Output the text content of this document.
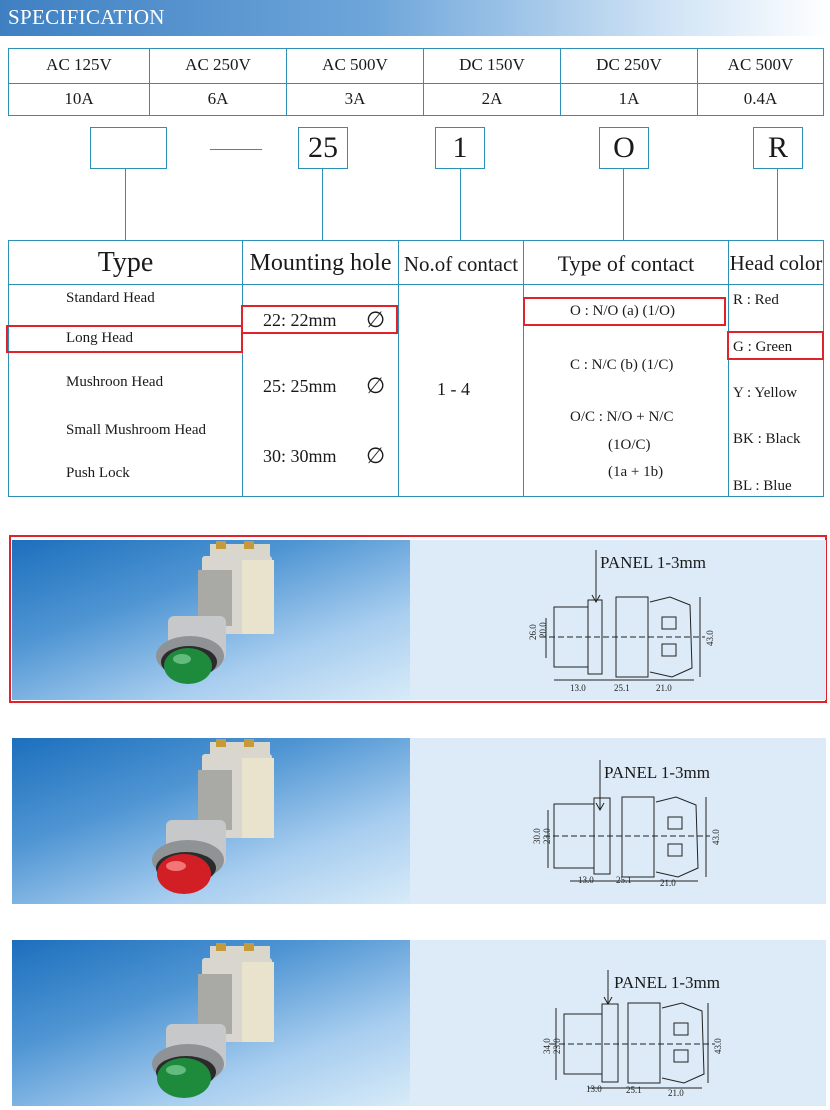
SPECIFICATION
AC 125V	AC 250V	AC 500V	DC 150V	DC 250V	AC 500V
10A	6A	3A	2A	1A	0.4A
25	1	O	R
Type
Standard Head
Long Head
Mushroon Head
Small Mushroom Head
Push Lock
Mounting hole
22: 22mm ∅
25: 25mm ∅
30: 30mm ∅
No.of contact
1 - 4
Type of contact
O : N/O (a) (1/O)
C : N/C (b) (1/C)
O/C : N/O + N/C
(1O/C)
(1a + 1b)
Head color
R : Red
G : Green
Y : Yellow
BK : Black
BL : Blue
PANEL 1-3mm
26.0 20.0
13.0	25.1	21.0
43.0
PANEL 1-3mm
30.0 23.0
13.0 25.1	21.0
43.0
PANEL 1-3mm
34.0 23.0
13.0	25.1	21.0
43.0
